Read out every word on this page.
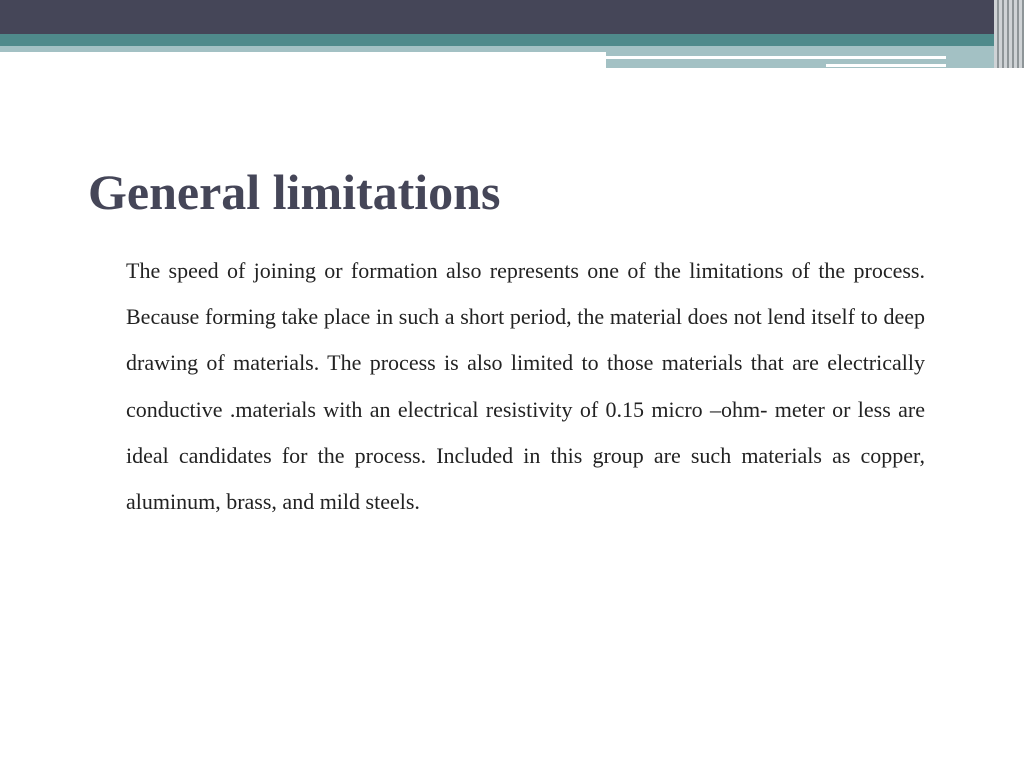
General limitations

The speed of joining or formation also represents one of the limitations of the process. Because forming take place in such a short period, the material does not lend itself to deep drawing of materials. The process is also limited to those materials that are electrically conductive .materials with an electrical resistivity of 0.15 micro –ohm- meter or less are ideal candidates for the process. Included in this group are such materials as copper, aluminum, brass, and mild steels.
